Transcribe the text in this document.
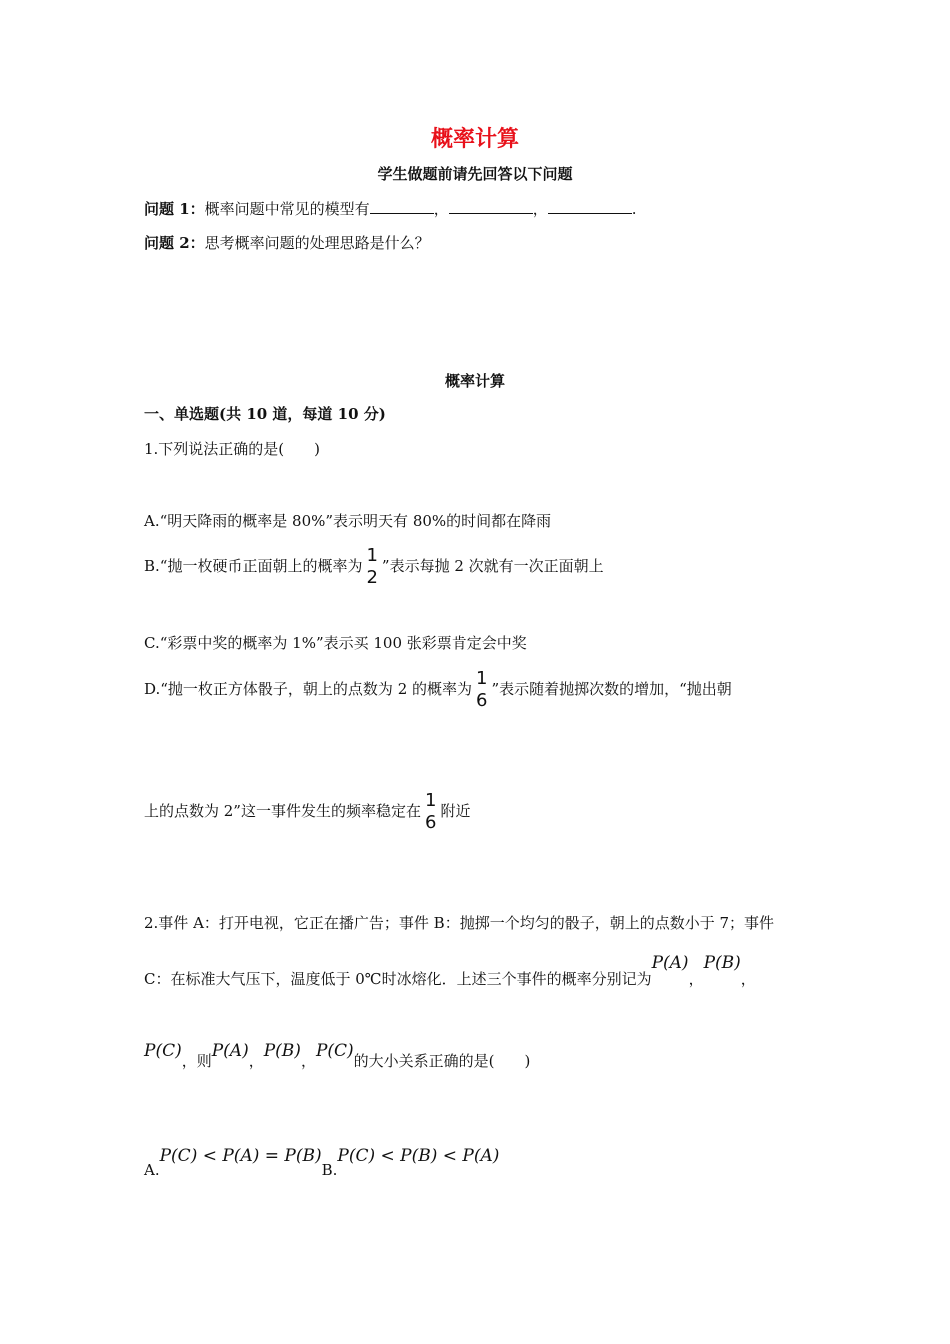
概率计算
学生做题前请先回答以下问题
问题 1：概率问题中常见的模型有	，	，	.
问题 2：思考概率问题的处理思路是什么？
概率计算
一、单选题(共 10 道，每道 10 分)
1.下列说法正确的是(　　)
A.“明天降雨的概率是 80%”表示明天有 80%的时间都在降雨
B.“抛一枚硬币正面朝上的概率为 1
2
”表示每抛 2 次就有一次正面朝上
C.“彩票中奖的概率为 1%”表示买 100 张彩票肯定会中奖
D.“抛一枚正方体骰子，朝上的点数为 2 的概率为 1
6
”表示随着抛掷次数的增加，“抛出朝
上的点数为 2”这一事件发生的频率稳定在 1
6
附近
2.事件 A：打开电视，它正在播广告；事件 B：抛掷一个均匀的骰子，朝上的点数小于 7；事件
C：在标准大气压下，温度低于 0℃时冰熔化．上述三个事件的概率分别记为P(A)，P(B)，
P(C)，则P(A)，P(B)，P(C)的大小关系正确的是(　　)
A.P(C) < P(A) = P(B)B.P(C) < P(B) < P(A)
